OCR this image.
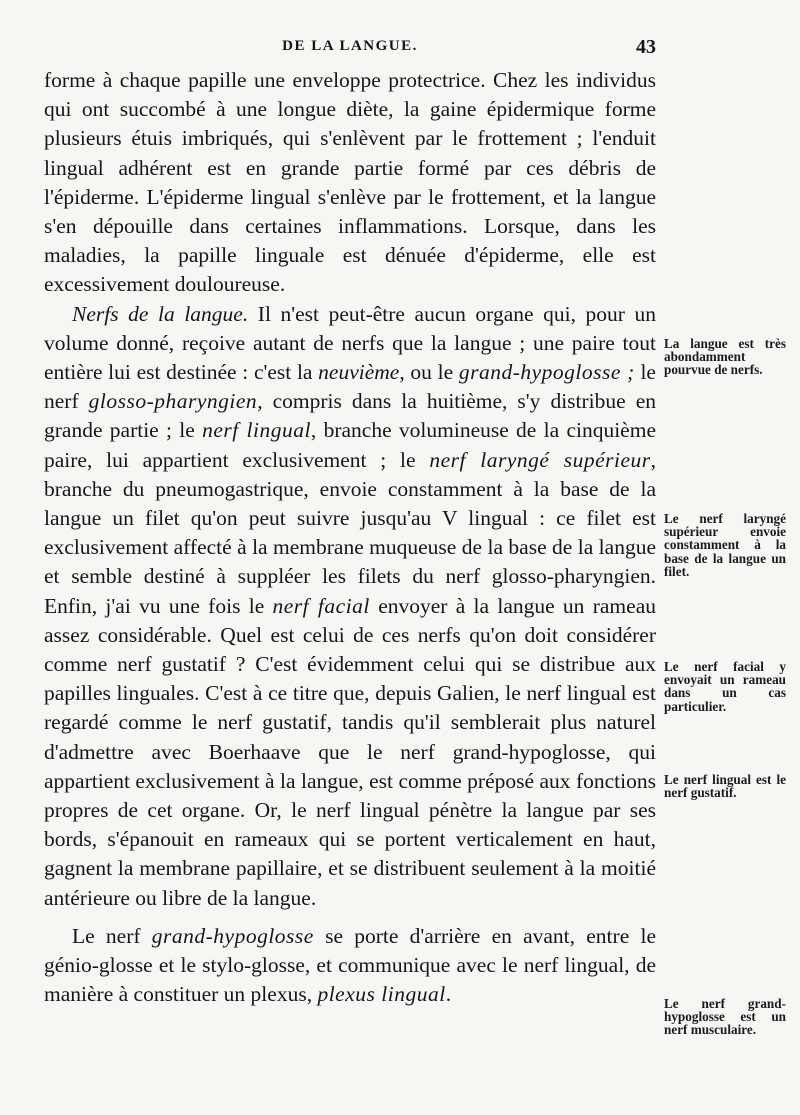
DE LA LANGUE.	43

forme à chaque papille une enveloppe protectrice. Chez les individus qui ont succombé à une longue diète, la gaine épidermique forme plusieurs étuis imbriqués, qui s'enlèvent par le frottement ; l'enduit lingual adhérent est en grande partie formé par ces débris de l'épiderme. L'épiderme lingual s'enlève par le frottement, et la langue s'en dépouille dans certaines inflammations. Lorsque, dans les maladies, la papille linguale est dénuée d'épiderme, elle est excessivement douloureuse.

Nerfs de la langue. Il n'est peut-être aucun organe qui, pour un volume donné, reçoive autant de nerfs que la langue ; une paire tout entière lui est destinée : c'est la neuvième, ou le grand-hypoglosse ; le nerf glosso-pharyngien, compris dans la huitième, s'y distribue en grande partie ; le nerf lingual, branche volumineuse de la cinquième paire, lui appartient exclusivement ; le nerf laryngé supérieur, branche du pneumogastrique, envoie constamment à la base de la langue un filet qu'on peut suivre jusqu'au V lingual : ce filet est exclusivement affecté à la membrane muqueuse de la base de la langue et semble destiné à suppléer les filets du nerf glosso-pharyngien. Enfin, j'ai vu une fois le nerf facial envoyer à la langue un rameau assez considérable. Quel est celui de ces nerfs qu'on doit considérer comme nerf gustatif ? C'est évidemment celui qui se distribue aux papilles linguales. C'est à ce titre que, depuis Galien, le nerf lingual est regardé comme le nerf gustatif, tandis qu'il semblerait plus naturel d'admettre avec Boerhaave que le nerf grand-hypoglosse, qui appartient exclusivement à la langue, est comme préposé aux fonctions propres de cet organe. Or, le nerf lingual pénètre la langue par ses bords, s'épanouit en rameaux qui se portent verticalement en haut, gagnent la membrane papillaire, et se distribuent seulement à la moitié antérieure ou libre de la langue.

Le nerf grand-hypoglosse se porte d'arrière en avant, entre le génio-glosse et le stylo-glosse, et communique avec le nerf lingual, de manière à constituer un plexus, plexus lingual.

La langue est très abondamment pourvue de nerfs.
Le nerf laryngé supérieur envoie constamment à la base de la langue un filet.
Le nerf facial y envoyait un rameau dans un cas particulier.
Le nerf lingual est le nerf gustatif.
Le nerf grand-hypoglosse est un nerf musculaire.
